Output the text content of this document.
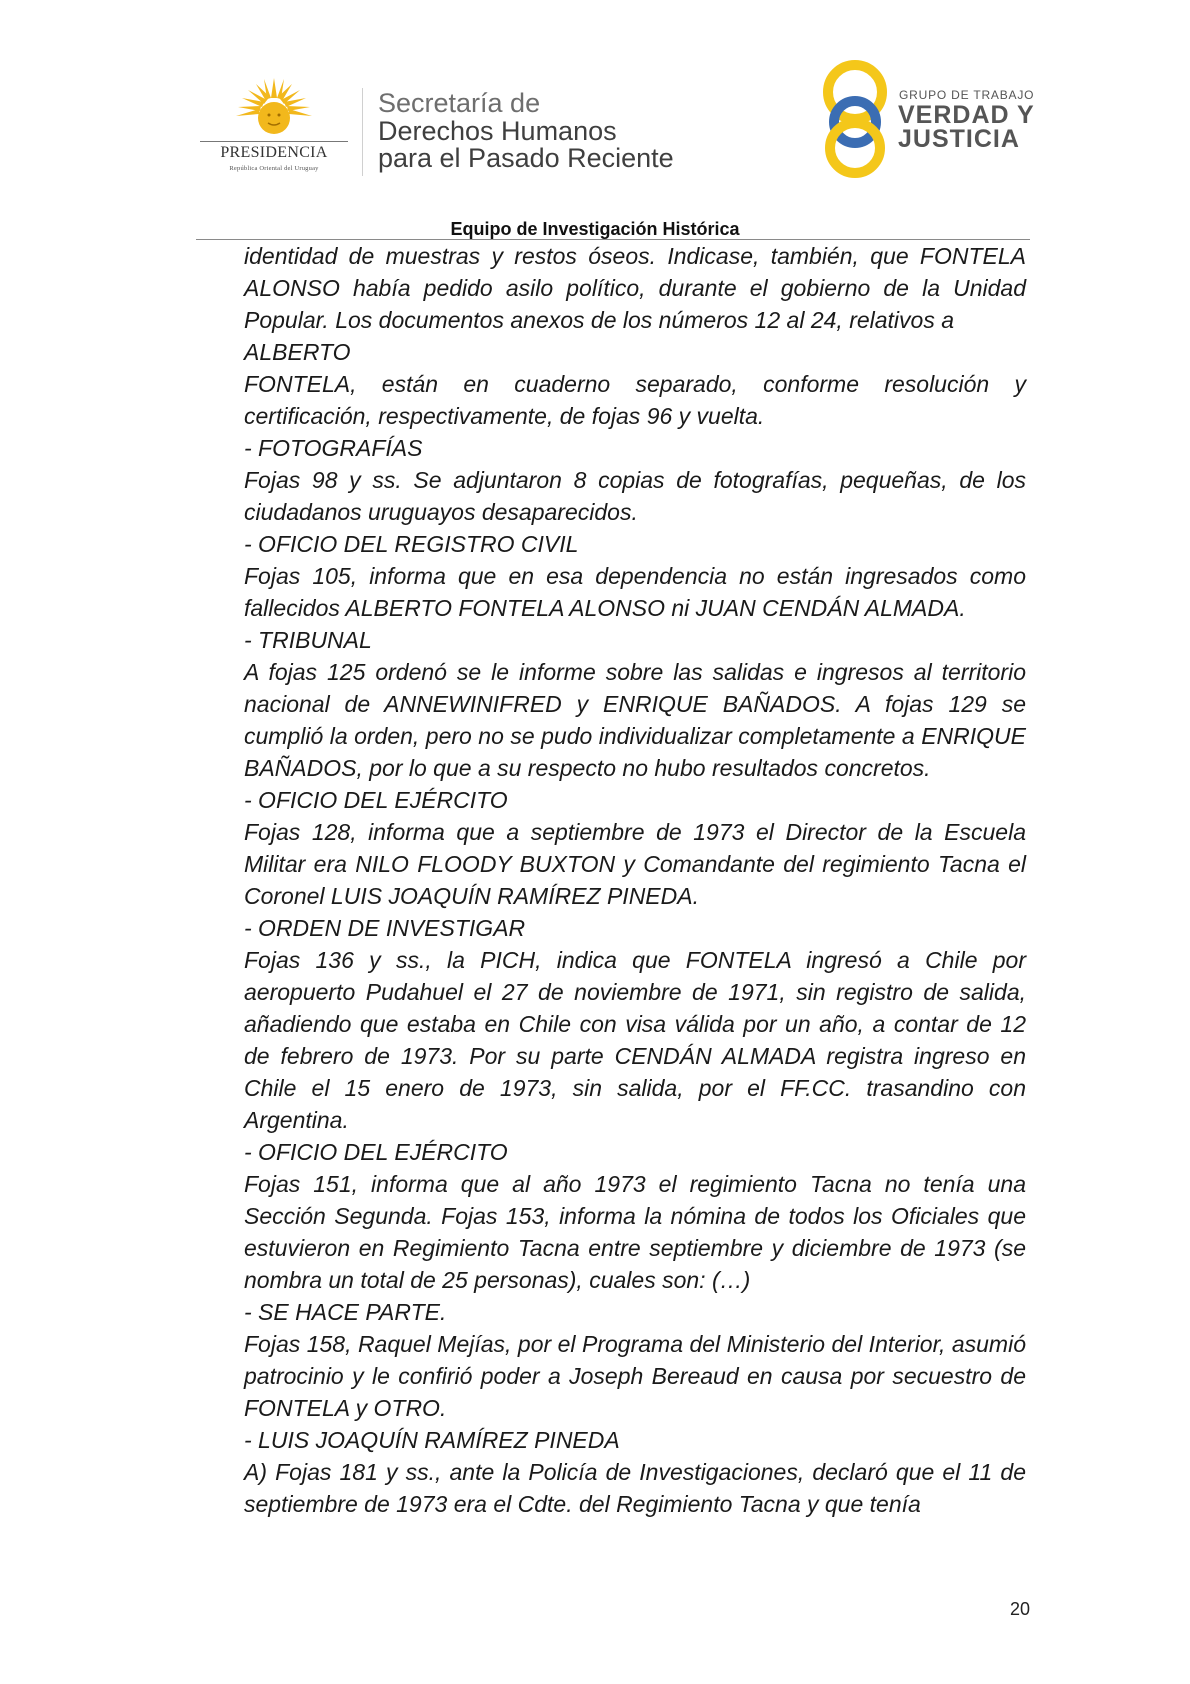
PRESIDENCIA
República Oriental del Uruguay
Secretaría de
Derechos Humanos
para el Pasado Reciente
GRUPO DE TRABAJO
VERDAD Y
JUSTICIA
Equipo de Investigación Histórica

identidad de muestras y restos óseos. Indicase, también, que FONTELA ALONSO había pedido asilo político, durante el gobierno de la Unidad Popular. Los documentos anexos de los números 12 al 24, relativos a

ALBERTO

FONTELA, están en cuaderno separado, conforme resolución y certificación, respectivamente, de fojas 96 y vuelta.

- FOTOGRAFÍAS

Fojas 98 y ss. Se adjuntaron 8 copias de fotografías, pequeñas, de los ciudadanos uruguayos desaparecidos.

- OFICIO DEL REGISTRO CIVIL

Fojas 105, informa que en esa dependencia no están ingresados como fallecidos ALBERTO FONTELA ALONSO ni JUAN CENDÁN ALMADA.

- TRIBUNAL

A fojas 125 ordenó se le informe sobre las salidas e ingresos al territorio nacional de ANNEWINIFRED y ENRIQUE BAÑADOS. A fojas 129 se cumplió la orden, pero no se pudo individualizar completamente a ENRIQUE BAÑADOS, por lo que a su respecto no hubo resultados concretos.

- OFICIO DEL EJÉRCITO

Fojas 128, informa que a septiembre de 1973 el Director de la Escuela Militar era NILO FLOODY BUXTON y Comandante del regimiento Tacna el Coronel LUIS JOAQUÍN RAMÍREZ PINEDA.

- ORDEN DE INVESTIGAR

Fojas 136 y ss., la PICH, indica que FONTELA ingresó a Chile por aeropuerto Pudahuel el 27 de noviembre de 1971, sin registro de salida, añadiendo que estaba en Chile con visa válida por un año, a contar de 12 de febrero de 1973. Por su parte CENDÁN ALMADA registra ingreso en Chile el 15 enero de 1973, sin salida, por el FF.CC. trasandino con Argentina.

- OFICIO DEL EJÉRCITO

Fojas 151, informa que al año 1973 el regimiento Tacna no tenía una Sección Segunda. Fojas 153, informa la nómina de todos los Oficiales que estuvieron en Regimiento Tacna entre septiembre y diciembre de 1973 (se nombra un total de 25 personas), cuales son: (…)

- SE HACE PARTE.

Fojas 158, Raquel Mejías, por el Programa del Ministerio del Interior, asumió patrocinio y le confirió poder a Joseph Bereaud en causa por secuestro de FONTELA y OTRO.

- LUIS JOAQUÍN RAMÍREZ PINEDA

A) Fojas 181 y ss., ante la Policía de Investigaciones, declaró que el 11 de septiembre de 1973 era el Cdte. del Regimiento Tacna y que tenía

20
